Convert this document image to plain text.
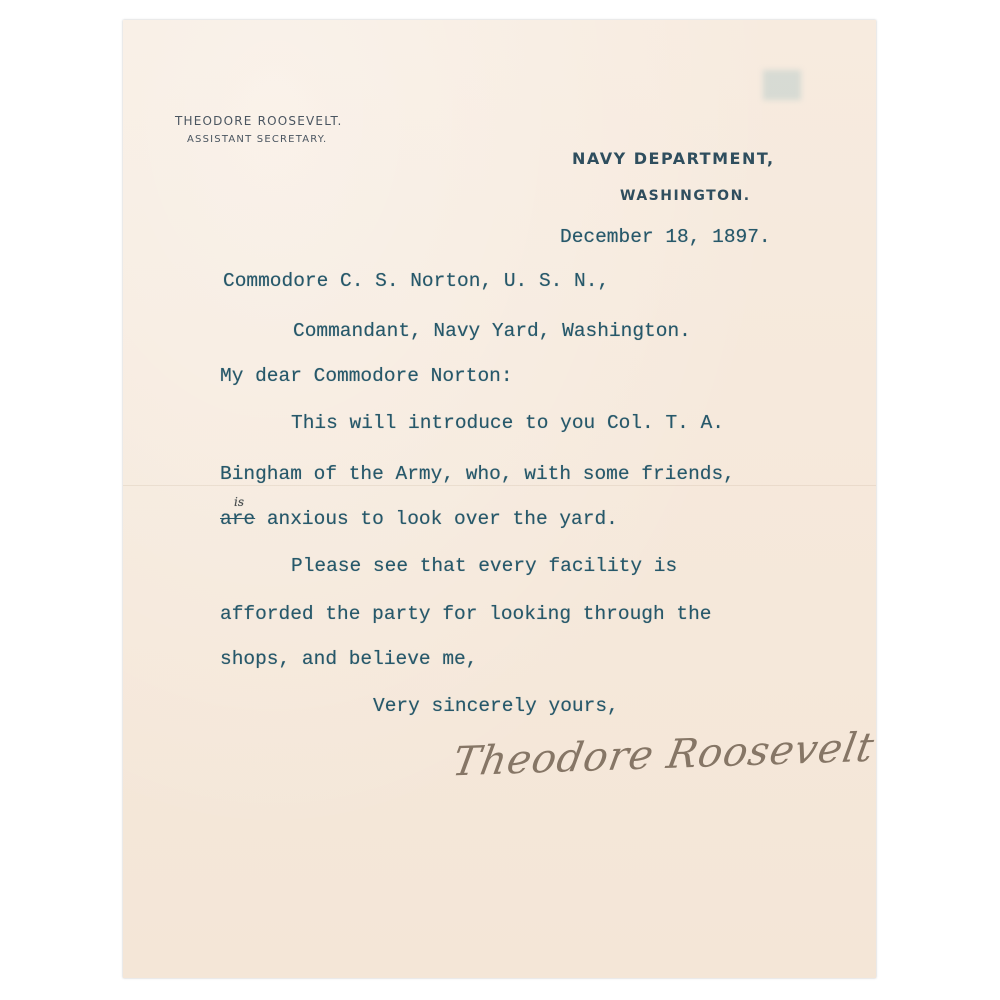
THEODORE ROOSEVELT.
ASSISTANT SECRETARY.
NAVY DEPARTMENT,
WASHINGTON.
December 18, 1897.
Commodore C. S. Norton, U. S. N.,
Commandant, Navy Yard, Washington.
My dear Commodore Norton:
This will introduce to you Col. T. A.
Bingham of the Army, who, with some friends,
are
is
anxious to look over the yard.
Please see that every facility is
afforded the party for looking through the
shops, and believe me,
Very sincerely yours,
Theodore Roosevelt
